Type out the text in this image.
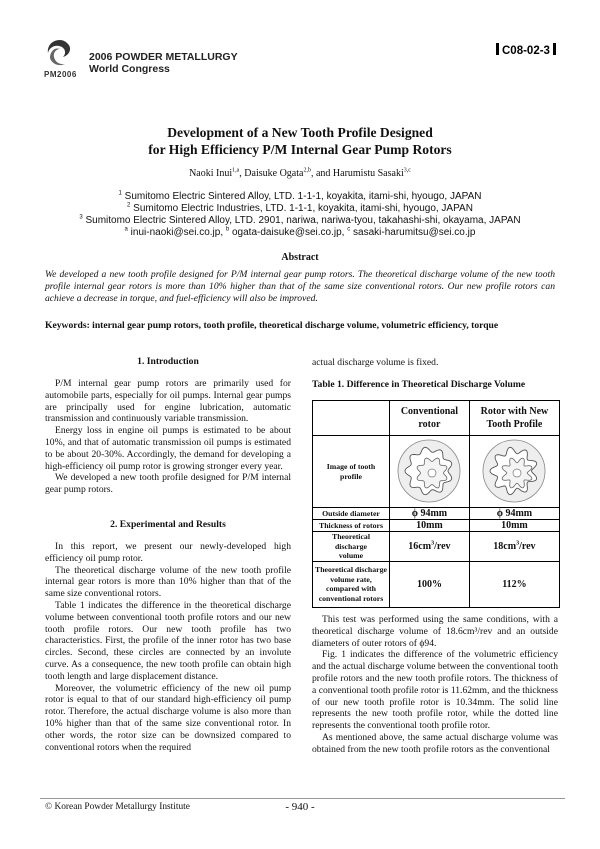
PM2006
2006 POWDER METALLURGY
World Congress
C08-02-3
Development of a New Tooth Profile Designed
for High Efficiency P/M Internal Gear Pump Rotors
Naoki Inui$^{1,a}$, Daisuke Ogata$^{2,b}$, and Harumistu Sasaki$^{3,c}$
$^1$ Sumitomo Electric Sintered Alloy, LTD. 1-1-1, koyakita, itami-shi, hyougo, JAPAN
$^2$ Sumitomo Electric Industries, LTD. 1-1-1, koyakita, itami-shi, hyougo, JAPAN
$^3$ Sumitomo Electric Sintered Alloy, LTD. 2901, nariwa, nariwa-tyou, takahashi-shi, okayama, JAPAN
$^a$ inui-naoki@sei.co.jp, $^b$ ogata-daisuke@sei.co.jp, $^c$ sasaki-harumitsu@sei.co.jp
Abstract
We developed a new tooth profile designed for P/M internal gear pump rotors. The theoretical discharge volume of the new tooth profile internal gear rotors is more than 10% higher than that of the same size conventional rotors. Our new profile rotors can achieve a decrease in torque, and fuel-efficiency will also be improved.
Keywords: internal gear pump rotors, tooth profile, theoretical discharge volume, volumetric efficiency, torque
1. Introduction

P/M internal gear pump rotors are primarily used for automobile parts, especially for oil pumps. Internal gear pumps are principally used for engine lubrication, automatic transmission and continuously variable transmission.

Energy loss in engine oil pumps is estimated to be about 10%, and that of automatic transmission oil pumps is estimated to be about 20-30%. Accordingly, the demand for developing a high-efficiency oil pump rotor is growing stronger every year.

We developed a new tooth profile designed for P/M internal gear pump rotors.

2. Experimental and Results

In this report, we present our newly-developed high efficiency oil pump rotor.

The theoretical discharge volume of the new tooth profile internal gear rotors is more than 10% higher than that of the same size conventional rotors.

Table 1 indicates the difference in the theoretical discharge volume between conventional tooth profile rotors and our new tooth profile rotors. Our new tooth profile has two characteristics. First, the profile of the inner rotor has two base circles. Second, these circles are connected by an involute curve. As a consequence, the new tooth profile can obtain high tooth length and large displacement distance.

Moreover, the volumetric efficiency of the new oil pump rotor is equal to that of our standard high-efficiency oil pump rotor. Therefore, the actual discharge volume is also more than 10% higher than that of the same size conventional rotor. In other words, the rotor size can be downsized compared to conventional rotors when the required

actual discharge volume is fixed.
Table 1. Difference in Theoretical Discharge Volume
	Conventional rotor	Rotor with New Tooth Profile
Image of tooth profile		
Outside diameter	ϕ 94mm	ϕ 94mm
Thickness of rotors	10mm	10mm
Theoretical discharge volume	$16cm^3$/rev	$18cm^3$/rev
Theoretical discharge volume rate, compared with conventional rotors	100%	112%

This test was performed using the same conditions, with a theoretical discharge volume of 18.6cm³/rev and an outside diameters of outer rotors of ϕ94.

Fig. 1 indicates the difference of the volumetric efficiency and the actual discharge volume between the conventional tooth profile rotors and the new tooth profile rotors. The thickness of a conventional tooth profile rotor is 11.62mm, and the thickness of our new tooth profile rotor is 10.34mm. The solid line represents the new tooth profile rotor, while the dotted line represents the conventional tooth profile rotor.

As mentioned above, the same actual discharge volume was obtained from the new tooth profile rotors as the conventional

© Korean Powder Metallurgy Institute	- 940 -
